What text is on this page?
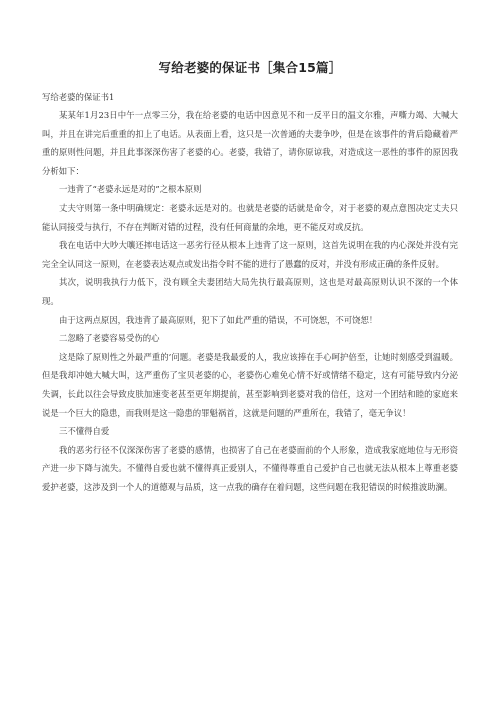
写给老婆的保证书［集合15篇］

写给老婆的保证书1

某某年1月23日中午一点零三分，我在给老婆的电话中因意见不和一反平日的温文尔雅，声嘶力竭、大喊大叫，并且在讲完后重重的扣上了电话。从表面上看，这只是一次普通的夫妻争吵，但是在该事件的背后隐藏着严重的原则性问题，并且此事深深伤害了老婆的心。老婆，我错了，请你原谅我，对造成这一恶性的事件的原因我分析如下：

一违背了“老婆永远是对的”之根本原则

丈夫守则第一条中明确规定：老婆永远是对的。也就是老婆的话就是命令，对于老婆的观点意图决定丈夫只能认同接受与执行，不存在判断对错的过程，没有任何商量的余地，更不能反对或反抗。

我在电话中大吵大嚷还摔电话这一恶劣行径从根本上违背了这一原则，这首先说明在我的内心深处并没有完完全全认同这一原则，在老婆表达观点或发出指令时不能的进行了愚蠢的反对，并没有形成正确的条件反射。

其次，说明我执行力低下，没有顾全夫妻团结大局先执行最高原则，这也是对最高原则认识不深的一个体现。

由于这两点原因，我违背了最高原则，犯下了如此严重的错误，不可饶恕，不可饶恕！

二忽略了老婆容易受伤的心

这是除了原则性之外最严重的’问题。老婆是我最爱的人，我应该捧在手心呵护倍至，让她时刻感受到温暖。但是我却冲她大喊大叫，这严重伤了宝贝老婆的心，老婆伤心难免心情不好或情绪不稳定，这有可能导致内分泌失调，长此以往会导致皮肤加速变老甚至更年期提前，甚至影响到老婆对我的信任，这对一个团结和睦的家庭来说是一个巨大的隐患，而我则是这一隐患的罪魁祸首，这就是问题的严重所在，我错了，毫无争议！

三不懂得自爱

我的恶劣行径不仅深深伤害了老婆的感情，也损害了自己在老婆面前的个人形象，造成我家庭地位与无形资产进一步下降与流失。不懂得自爱也就不懂得真正爱别人，不懂得尊重自己爱护自己也就无法从根本上尊重老婆爱护老婆，这涉及到一个人的道德观与品质，这一点我的确存在着问题，这些问题在我犯错误的时候推波助澜。
